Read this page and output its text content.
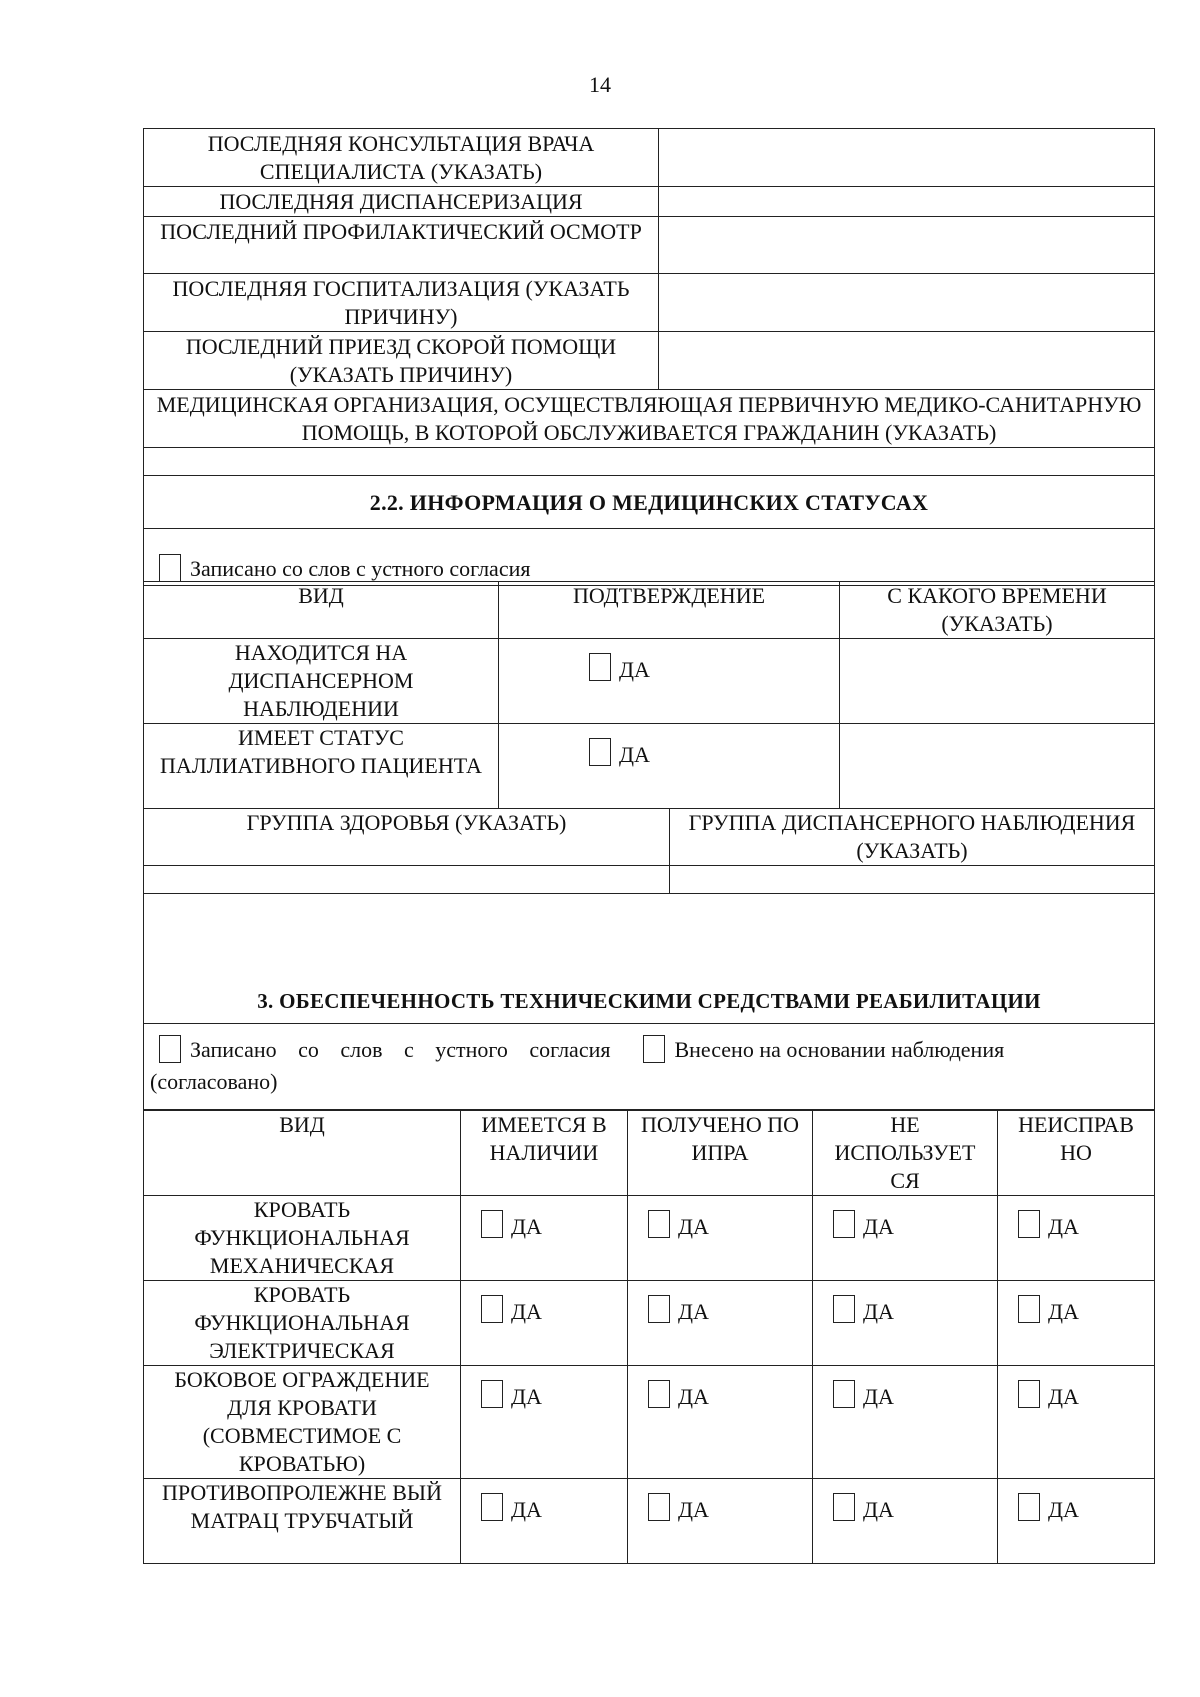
14
ПОСЛЕДНЯЯ КОНСУЛЬТАЦИЯ ВРАЧА СПЕЦИАЛИСТА (УКАЗАТЬ)	
ПОСЛЕДНЯЯ ДИСПАНСЕРИЗАЦИЯ	
ПОСЛЕДНИЙ ПРОФИЛАКТИЧЕСКИЙ ОСМОТР	
ПОСЛЕДНЯЯ ГОСПИТАЛИЗАЦИЯ (УКАЗАТЬ ПРИЧИНУ)	
ПОСЛЕДНИЙ ПРИЕЗД СКОРОЙ ПОМОЩИ (УКАЗАТЬ ПРИЧИНУ)	
МЕДИЦИНСКАЯ ОРГАНИЗАЦИЯ, ОСУЩЕСТВЛЯЮЩАЯ ПЕРВИЧНУЮ МЕДИКО-САНИТАРНУЮ ПОМОЩЬ, В КОТОРОЙ ОБСЛУЖИВАЕТСЯ ГРАЖДАНИН (УКАЗАТЬ)	

2.2. ИНФОРМАЦИЯ О МЕДИЦИНСКИХ СТАТУСАХ	
Записано со слов с устного согласия	
ВИД	ПОДТВЕРЖДЕНИЕ	С КАКОГО ВРЕМЕНИ (УКАЗАТЬ)
НАХОДИТСЯ НА ДИСПАНСЕРНОМ НАБЛЮДЕНИИ	ДА	
ИМЕЕТ СТАТУС ПАЛЛИАТИВНОГО ПАЦИЕНТА	ДА	
ГРУППА ЗДОРОВЬЯ (УКАЗАТЬ)	ГРУППА ДИСПАНСЕРНОГО НАБЛЮДЕНИЯ (УКАЗАТЬ)

3. ОБЕСПЕЧЕННОСТЬ ТЕХНИЧЕСКИМИ СРЕДСТВАМИ РЕАБИЛИТАЦИИ	
Записано со слов с устного согласия Внесено на основании наблюдения
(согласовано)	
ВИД	ИМЕЕТСЯ В НАЛИЧИИ	ПОЛУЧЕНО ПО ИПРА	НЕ ИСПОЛЬЗУЕТ СЯ	НЕИСПРАВ НО
КРОВАТЬ ФУНКЦИОНАЛЬНАЯ МЕХАНИЧЕСКАЯ	ДА	ДА	ДА	ДА
КРОВАТЬ ФУНКЦИОНАЛЬНАЯ ЭЛЕКТРИЧЕСКАЯ	ДА	ДА	ДА	ДА
БОКОВОЕ ОГРАЖДЕНИЕ ДЛЯ КРОВАТИ (СОВМЕСТИМОЕ С КРОВАТЬЮ)	ДА	ДА	ДА	ДА
ПРОТИВОПРОЛЕЖНЕ ВЫЙ МАТРАЦ ТРУБЧАТЫЙ	ДА	ДА	ДА	ДА
